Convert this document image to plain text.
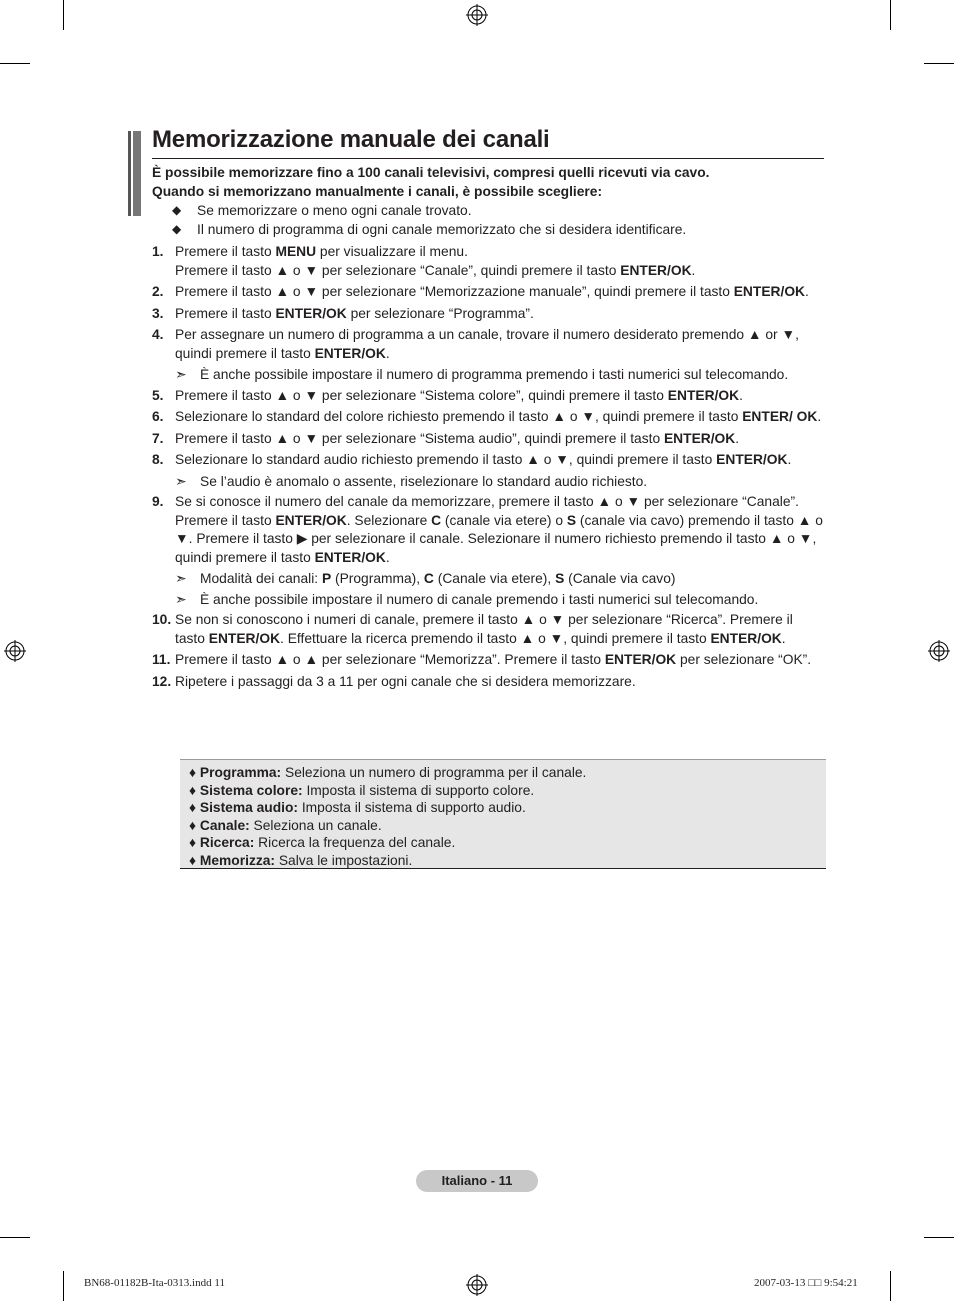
Memorizzazione manuale dei canali
È possibile memorizzare fino a 100 canali televisivi, compresi quelli ricevuti via cavo.
Quando si memorizzano manualmente i canali, è possibile scegliere:
◆	Se memorizzare o meno ogni canale trovato.
◆	Il numero di programma di ogni canale memorizzato che si desidera identificare.
1. Premere il tasto MENU per visualizzare il menu.
Premere il tasto ▲ o ▼ per selezionare “Canale”, quindi premere il tasto ENTER/OK.
2. Premere il tasto ▲ o ▼ per selezionare “Memorizzazione manuale”, quindi premere il tasto ENTER/OK.
3. Premere il tasto ENTER/OK per selezionare “Programma”.
4. Per assegnare un numero di programma a un canale, trovare il numero desiderato premendo ▲ or ▼, quindi premere il tasto ENTER/OK.
➣ È anche possibile impostare il numero di programma premendo i tasti numerici sul telecomando.
5. Premere il tasto ▲ o ▼ per selezionare “Sistema colore”, quindi premere il tasto ENTER/OK.
6. Selezionare lo standard del colore richiesto premendo il tasto ▲ o ▼, quindi premere il tasto ENTER/ OK.
7. Premere il tasto ▲ o ▼ per selezionare “Sistema audio”, quindi premere il tasto ENTER/OK.
8. Selezionare lo standard audio richiesto premendo il tasto ▲ o ▼, quindi premere il tasto ENTER/OK.
➣ Se l’audio è anomalo o assente, riselezionare lo standard audio richiesto.
9. Se si conosce il numero del canale da memorizzare, premere il tasto ▲ o ▼ per selezionare “Canale”. Premere il tasto ENTER/OK. Selezionare C (canale via etere) o S (canale via cavo) premendo il tasto ▲ o ▼. Premere il tasto ▶ per selezionare il canale. Selezionare il numero richiesto premendo il tasto ▲ o ▼, quindi premere il tasto ENTER/OK.
➣ Modalità dei canali: P (Programma), C (Canale via etere), S (Canale via cavo)
➣ È anche possibile impostare il numero di canale premendo i tasti numerici sul telecomando.
10. Se non si conoscono i numeri di canale, premere il tasto ▲ o ▼ per selezionare “Ricerca”. Premere il tasto ENTER/OK. Effettuare la ricerca premendo il tasto ▲ o ▼, quindi premere il tasto ENTER/OK.
11. Premere il tasto ▲ o ▲ per selezionare “Memorizza”. Premere il tasto ENTER/OK per selezionare “OK”.
12. Ripetere i passaggi da 3 a 11 per ogni canale che si desidera memorizzare.
♦ Programma: Seleziona un numero di programma per il canale.
♦ Sistema colore: Imposta il sistema di supporto colore.
♦ Sistema audio: Imposta il sistema di supporto audio.
♦ Canale: Seleziona un canale.
♦ Ricerca: Ricerca la frequenza del canale.
♦ Memorizza: Salva le impostazioni.
Italiano - 11
BN68-01182B-Ita-0313.indd 11	2007-03-13 □□ 9:54:21
